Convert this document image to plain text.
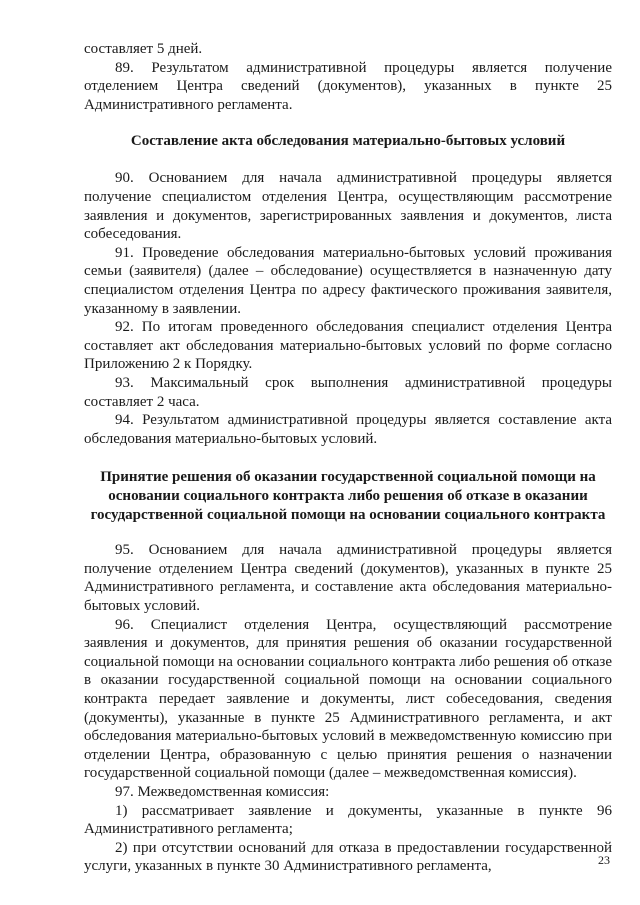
составляет 5 дней.

89. Результатом административной процедуры является получение отделением Центра сведений (документов), указанных в пункте 25 Административного регламента.

Составление акта обследования материально-бытовых условий

90. Основанием для начала административной процедуры является получение специалистом отделения Центра, осуществляющим рассмотрение заявления и документов, зарегистрированных заявления и документов, листа собеседования.

91. Проведение обследования материально-бытовых условий проживания семьи (заявителя) (далее – обследование) осуществляется в назначенную дату специалистом отделения Центра по адресу фактического проживания заявителя, указанному в заявлении.

92. По итогам проведенного обследования специалист отделения Центра составляет акт обследования материально-бытовых условий по форме согласно Приложению 2 к Порядку.

93. Максимальный срок выполнения административной процедуры составляет 2 часа.

94. Результатом административной процедуры является составление акта обследования материально-бытовых условий.

Принятие решения об оказании государственной социальной помощи на основании социального контракта либо решения об отказе в оказании государственной социальной помощи на основании социального контракта

95. Основанием для начала административной процедуры является получение отделением Центра сведений (документов), указанных в пункте 25 Административного регламента, и составление акта обследования материально-бытовых условий.

96. Специалист отделения Центра, осуществляющий рассмотрение заявления и документов, для принятия решения об оказании государственной социальной помощи на основании социального контракта либо решения об отказе в оказании государственной социальной помощи на основании социального контракта передает заявление и документы, лист собеседования, сведения (документы), указанные в пункте 25 Административного регламента, и акт обследования материально-бытовых условий в межведомственную комиссию при отделении Центра, образованную с целью принятия решения о назначении государственной социальной помощи (далее – межведомственная комиссия).

97. Межведомственная комиссия:

1) рассматривает заявление и документы, указанные в пункте 96 Административного регламента;

2) при отсутствии оснований для отказа в предоставлении государственной услуги, указанных в пункте 30 Административного регламента,	23
